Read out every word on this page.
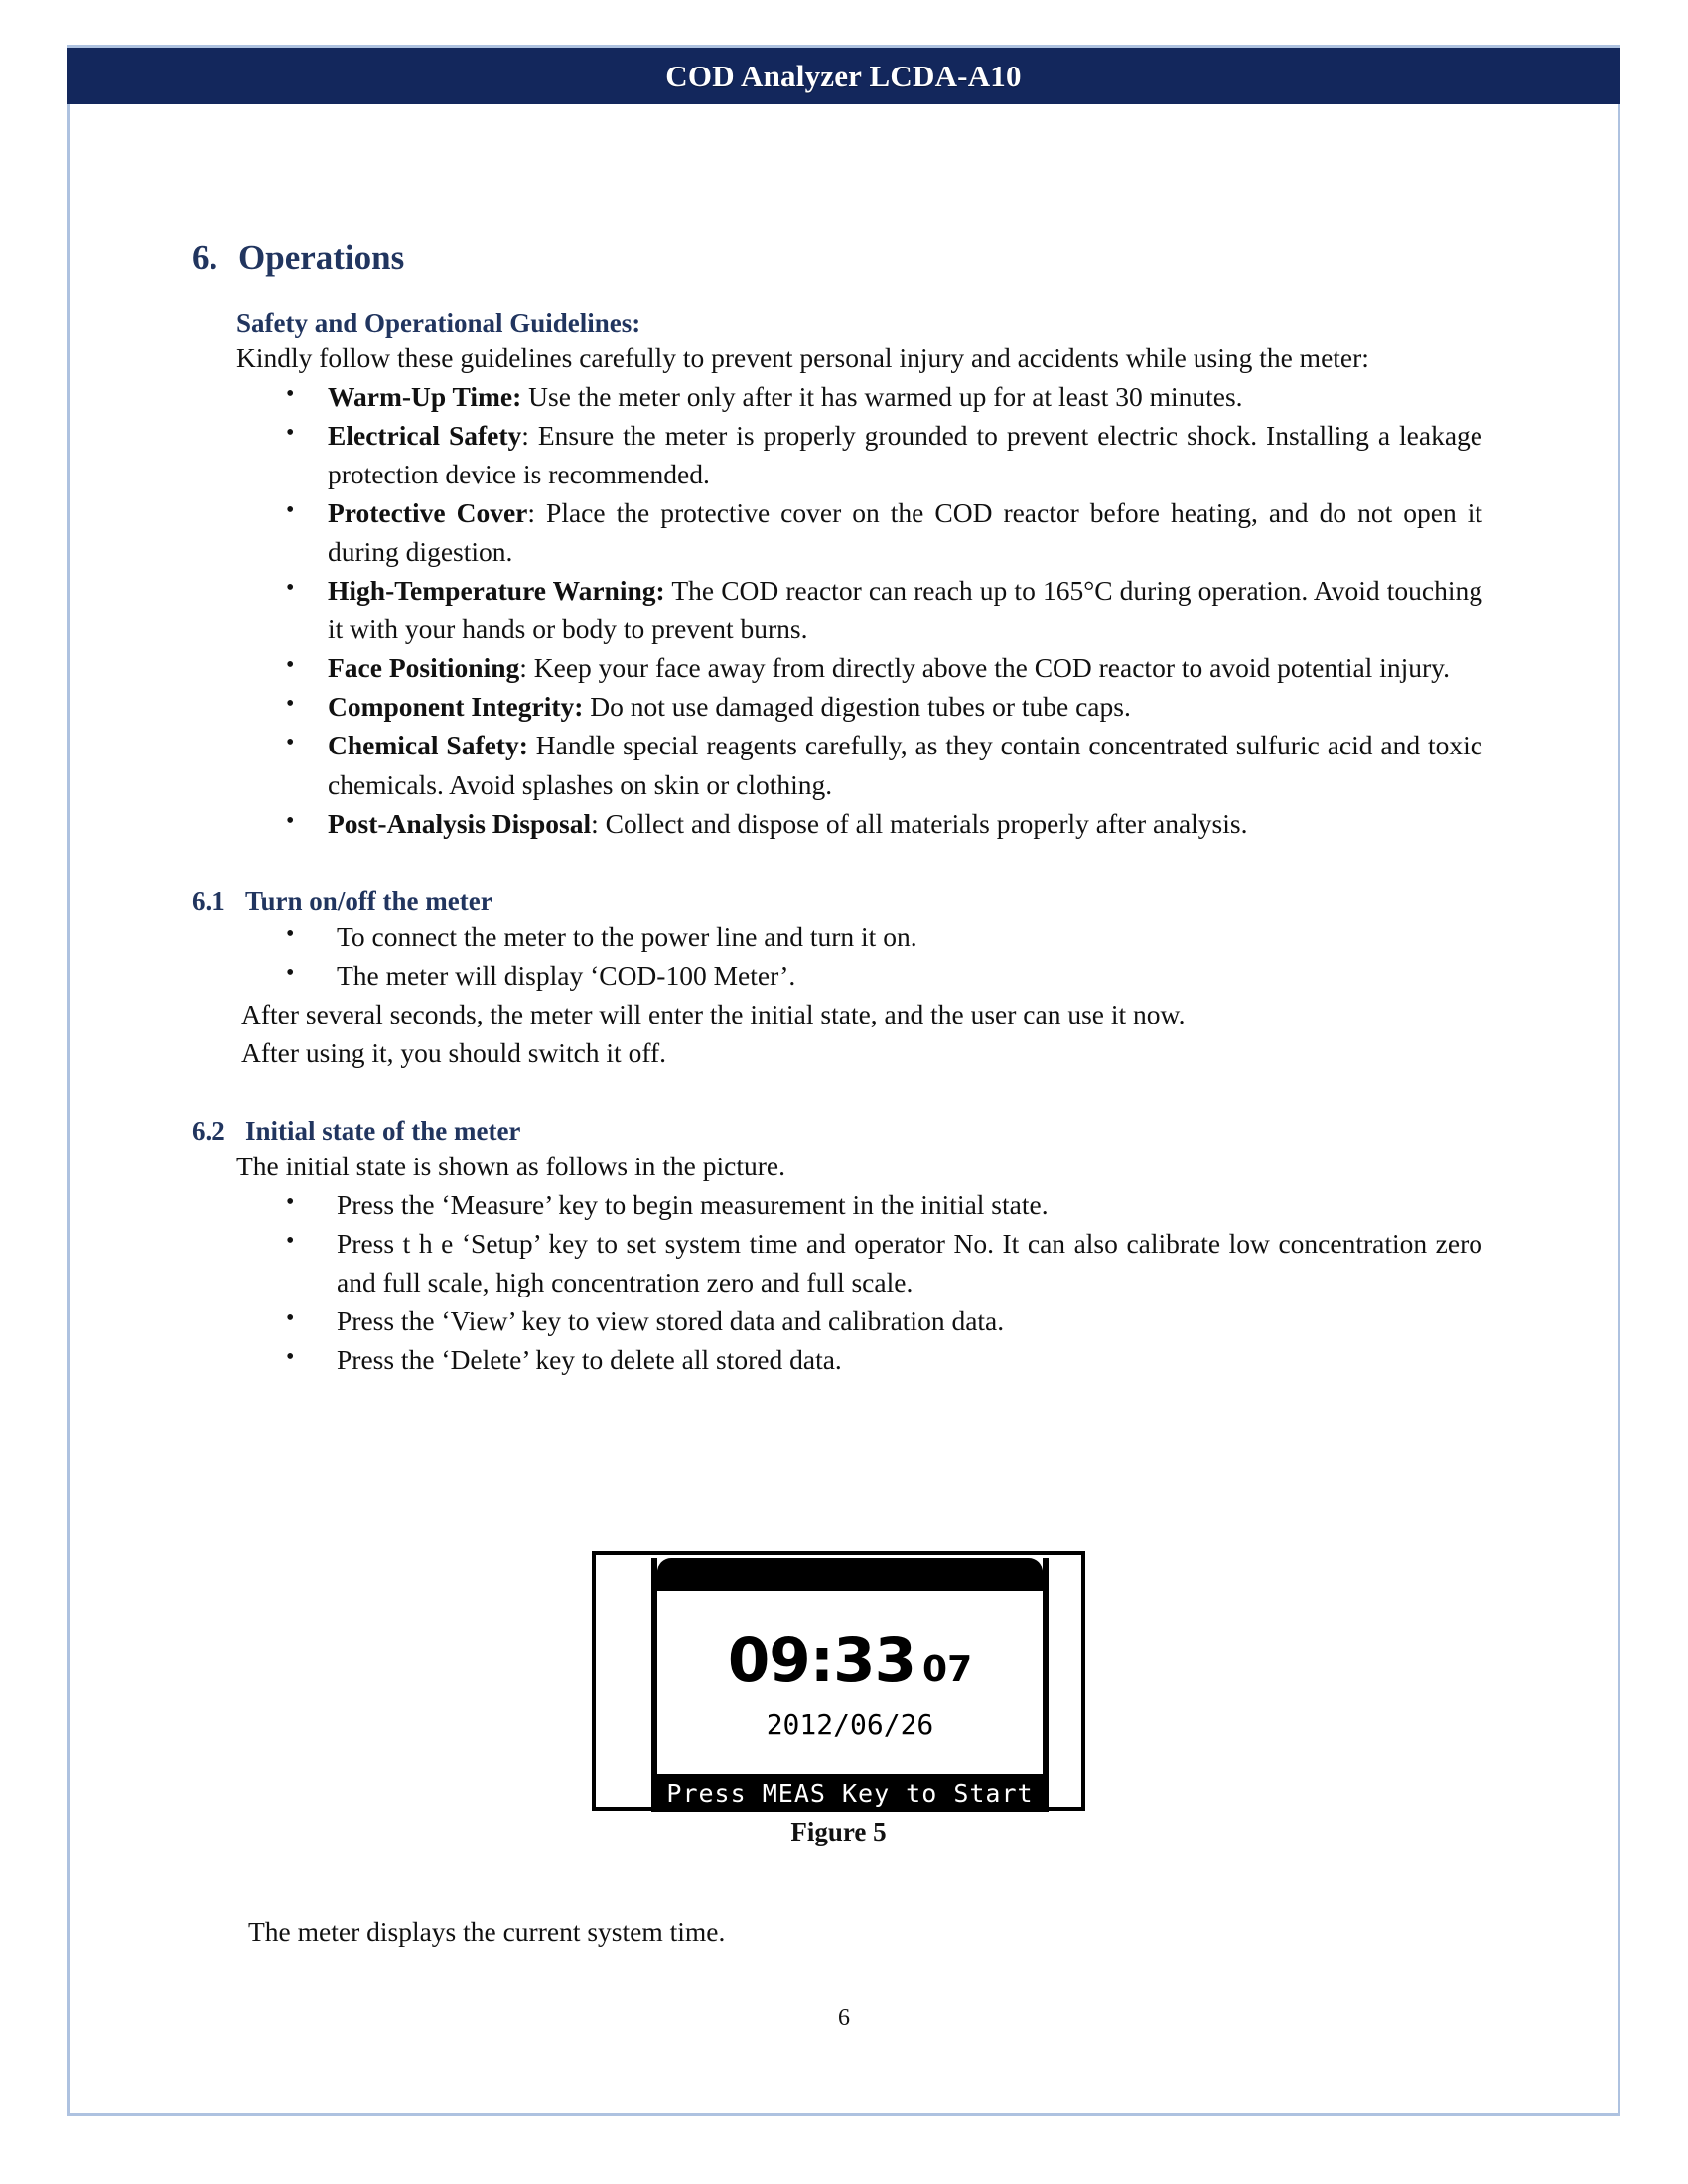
COD Analyzer LCDA-A10
6. Operations
Safety and Operational Guidelines:

Kindly follow these guidelines carefully to prevent personal injury and accidents while using the meter:

• Warm-Up Time: Use the meter only after it has warmed up for at least 30 minutes.
• Electrical Safety: Ensure the meter is properly grounded to prevent electric shock. Installing a leakage protection device is recommended.
• Protective Cover: Place the protective cover on the COD reactor before heating, and do not open it during digestion.
• High-Temperature Warning: The COD reactor can reach up to 165°C during operation. Avoid touching it with your hands or body to prevent burns.
• Face Positioning: Keep your face away from directly above the COD reactor to avoid potential injury.
• Component Integrity: Do not use damaged digestion tubes or tube caps.
• Chemical Safety: Handle special reagents carefully, as they contain concentrated sulfuric acid and toxic chemicals. Avoid splashes on skin or clothing.
• Post-Analysis Disposal: Collect and dispose of all materials properly after analysis.
6.1 Turn on/off the meter
• To connect the meter to the power line and turn it on.
• The meter will display ‘COD-100 Meter’.

After several seconds, the meter will enter the initial state, and the user can use it now.

After using it, you should switch it off.

6.2 Initial state of the meter

The initial state is shown as follows in the picture.

• Press the ‘Measure’ key to begin measurement in the initial state.
• Press t h e ‘Setup’ key to set system time and operator No. It can also calibrate low concentration zero and full scale, high concentration zero and full scale.
• Press the ‘View’ key to view stored data and calibration data.
• Press the ‘Delete’ key to delete all stored data.
09:33 07
2012/06/26
Press MEAS Key to Start
Figure 5
The meter displays the current system time.
6
